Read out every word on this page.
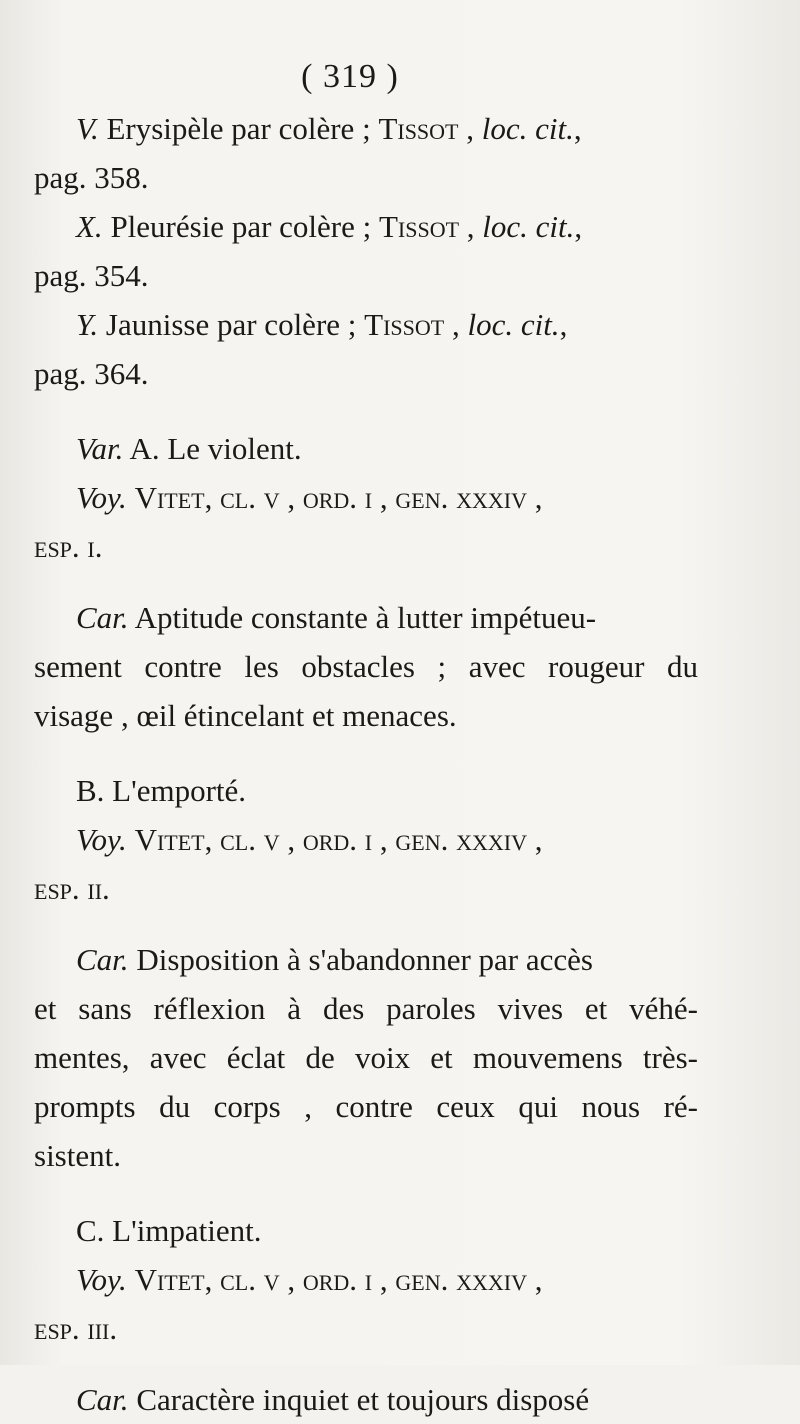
( 319 )

V. Erysipèle par colère ; Tissot , loc. cit.,
pag. 358.

X. Pleurésie par colère ; Tissot , loc. cit.,
pag. 354.

Y. Jaunisse par colère ; Tissot , loc. cit.,
pag. 364.

Var. A. Le violent.

Voy. Vitet, cl. v , ord. i , gen. xxxiv ,
esp. i.

Car. Aptitude constante à lutter impétueu-

sement contre les obstacles ; avec rougeur du
visage , œil étincelant et menaces.

B. L'emporté.

Voy. Vitet, cl. v , ord. i , gen. xxxiv ,
esp. ii.

Car. Disposition à s'abandonner par accès

et sans réflexion à des paroles vives et véhé-
mentes, avec éclat de voix et mouvemens très-
prompts du corps , contre ceux qui nous ré-
sistent.

C. L'impatient.

Voy. Vitet, cl. v , ord. i , gen. xxxiv ,
esp. iii.

Car. Caractère inquiet et toujours disposé
